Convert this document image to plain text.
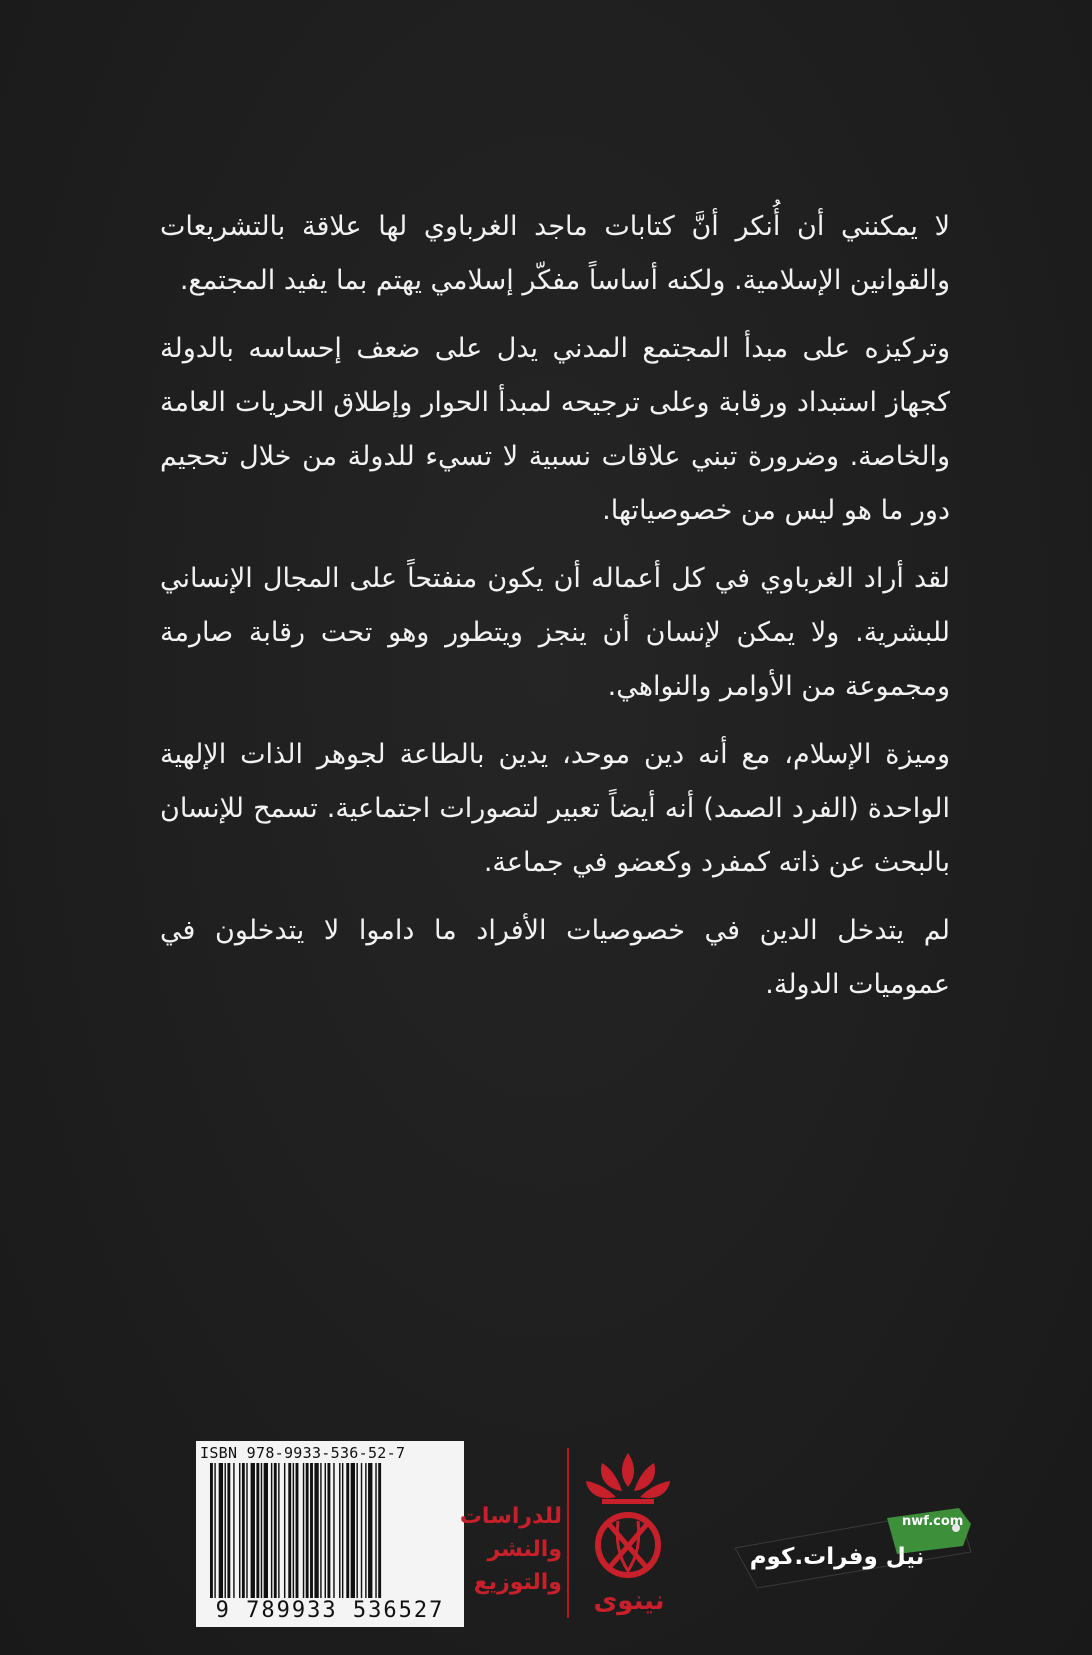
لا يمكنني أن أُنكر أنَّ كتابات ماجد الغرباوي لها علاقة بالتشريعات والقوانين الإسلامية. ولكنه أساساً مفكّر إسلامي يهتم بما يفيد المجتمع.

وتركيزه على مبدأ المجتمع المدني يدل على ضعف إحساسه بالدولة كجهاز استبداد ورقابة وعلى ترجيحه لمبدأ الحوار وإطلاق الحريات العامة والخاصة. وضرورة تبني علاقات نسبية لا تسيء للدولة من خلال تحجيم دور ما هو ليس من خصوصياتها.

لقد أراد الغرباوي في كل أعماله أن يكون منفتحاً على المجال الإنساني للبشرية. ولا يمكن لإنسان أن ينجز ويتطور وهو تحت رقابة صارمة ومجموعة من الأوامر والنواهي.

وميزة الإسلام، مع أنه دين موحد، يدين بالطاعة لجوهر الذات الإلهية الواحدة (الفرد الصمد) أنه أيضاً تعبير لتصورات اجتماعية. تسمح للإنسان بالبحث عن ذاته كمفرد وكعضو في جماعة.

لم يتدخل الدين في خصوصيات الأفراد ما داموا لا يتدخلون في عموميات الدولة.

ISBN 978-9933-536-52-7
9 789933 536527
للدراسات
والنشر
والتوزيع
نينوى
nwf.com
نيل وفرات.كوم
